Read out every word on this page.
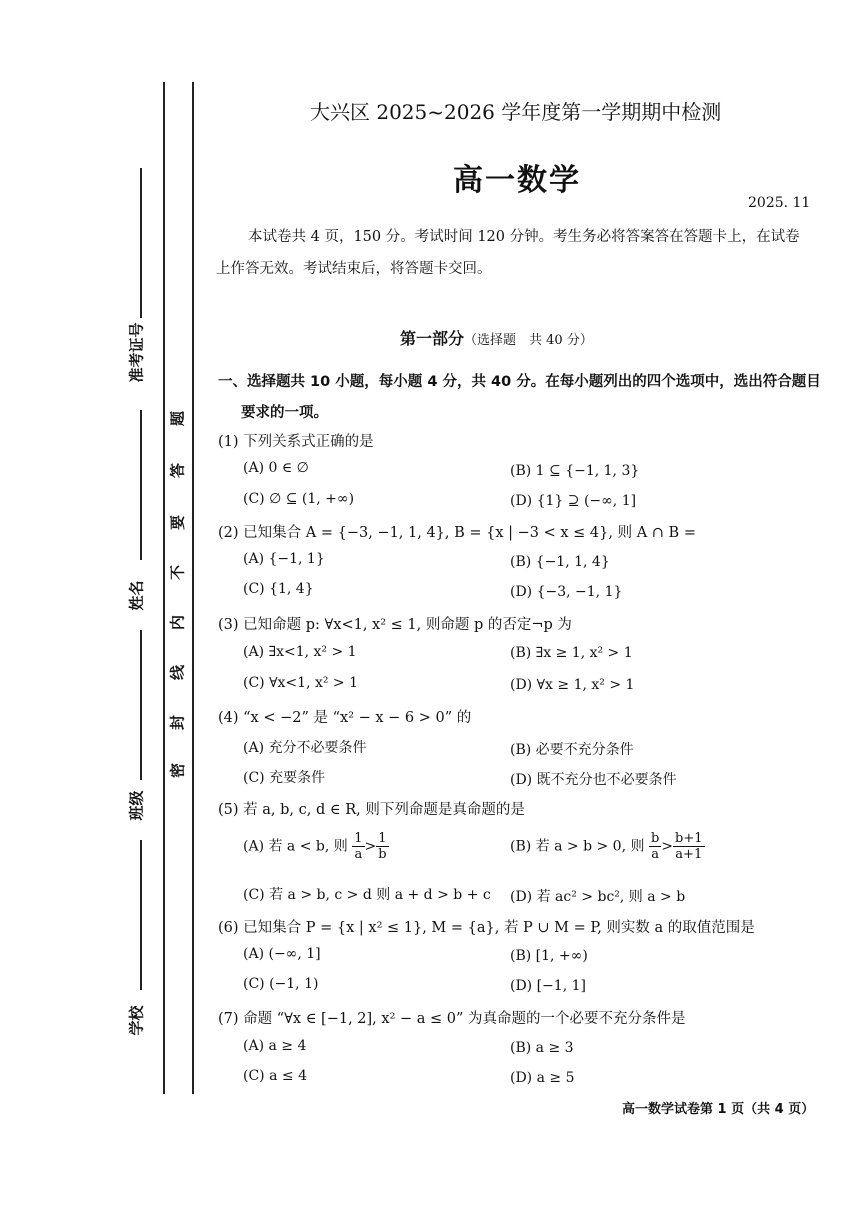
准考证号
姓名
班级
学校
题
答
要
不
内
线
封
密
大兴区 2025~2026 学年度第一学期期中检测
高一数学
2025. 11
本试卷共 4 页，150 分。考试时间 120 分钟。考生务必将答案答在答题卡上，在试卷上作答无效。考试结束后，将答题卡交回。
第一部分（选择题　共 40 分）
一、选择题共 10 小题，每小题 4 分，共 40 分。在每小题列出的四个选项中，选出符合题目
要求的一项。
(1) 下列关系式正确的是
(A) 0 ∈ ∅	(B) 1 ⊆ {−1, 1, 3}
(C) ∅ ⊆ (1, +∞)	(D) {1} ⊇ (−∞, 1]
(2) 已知集合 A = {−3, −1, 1, 4}, B = {x | −3 < x ≤ 4}, 则 A ∩ B =
(A) {−1, 1}	(B) {−1, 1, 4}
(C) {1, 4}	(D) {−3, −1, 1}
(3) 已知命题 p: ∀x<1, x² ≤ 1, 则命题 p 的否定¬p 为
(A) ∃x<1, x² > 1	(B) ∃x ≥ 1, x² > 1
(C) ∀x<1, x² > 1	(D) ∀x ≥ 1, x² > 1
(4) “x < −2” 是 “x² − x − 6 > 0” 的
(A) 充分不必要条件	(B) 必要不充分条件
(C) 充要条件	(D) 既不充分也不必要条件
(5) 若 a, b, c, d ∈ R, 则下列命题是真命题的是
(A) 若 a < b, 则 $\frac{1}{a} > \frac{1}{b}$	(B) 若 a > b > 0, 则 $\frac{b}{a} > \frac{b+1}{a+1}$
(C) 若 a > b, c > d 则 a + d > b + c (D) 若 ac² > bc², 则 a > b
(6) 已知集合 P = {x | x² ≤ 1}, M = {a}, 若 P ∪ M = P, 则实数 a 的取值范围是
(A) (−∞, 1]	(B) [1, +∞)
(C) (−1, 1)	(D) [−1, 1]
(7) 命题 “∀x ∈ [−1, 2], x² − a ≤ 0” 为真命题的一个必要不充分条件是
(A) a ≥ 4	(B) a ≥ 3
(C) a ≤ 4	(D) a ≥ 5
高一数学试卷第 1 页（共 4 页）
